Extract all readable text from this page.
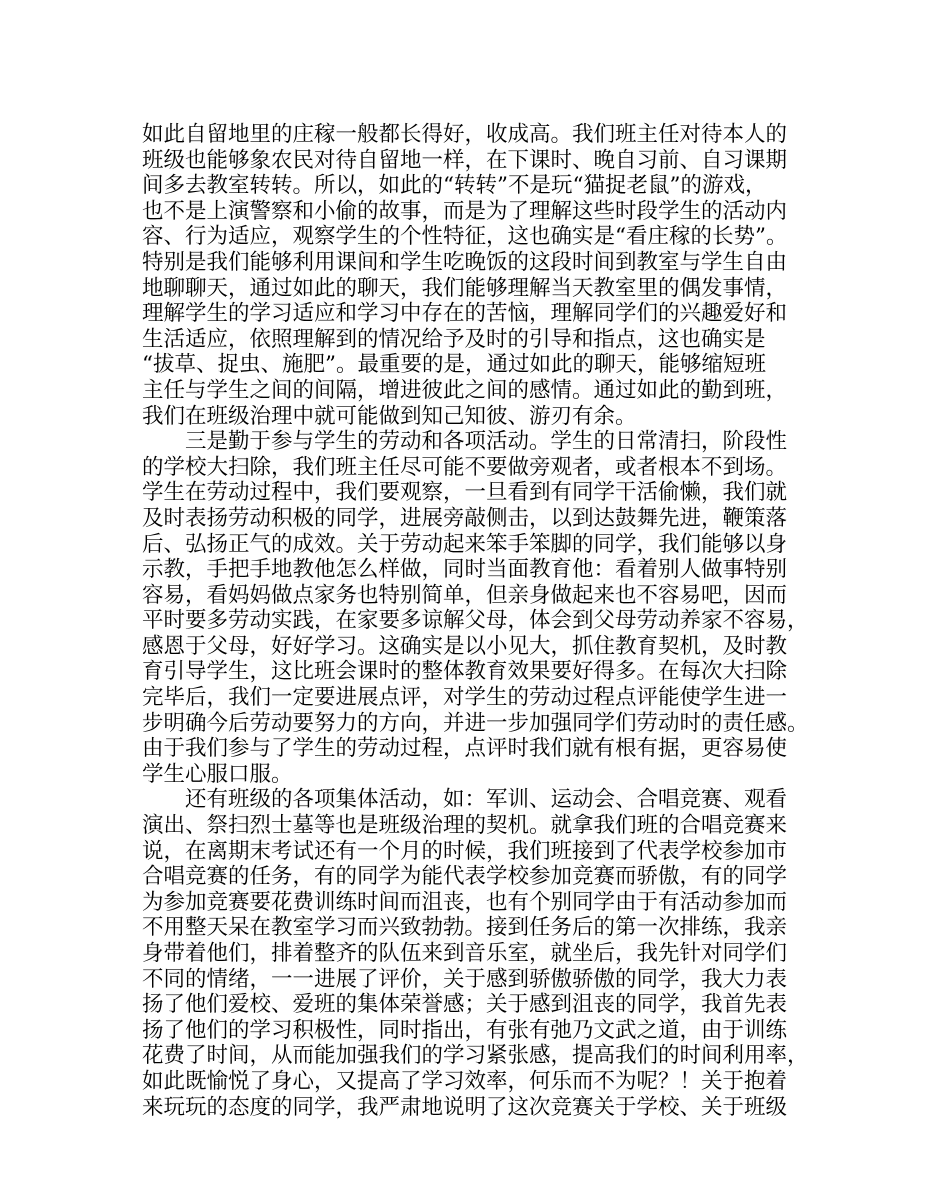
如此自留地里的庄稼一般都长得好，收成高。我们班主任对待本人的
班级也能够象农民对待自留地一样，在下课时、晚自习前、自习课期
间多去教室转转。所以，如此的“转转”不是玩“猫捉老鼠”的游戏，
也不是上演警察和小偷的故事，而是为了理解这些时段学生的活动内
容、行为适应，观察学生的个性特征，这也确实是“看庄稼的长势”。
特别是我们能够利用课间和学生吃晚饭的这段时间到教室与学生自由
地聊聊天，通过如此的聊天，我们能够理解当天教室里的偶发事情，
理解学生的学习适应和学习中存在的苦恼，理解同学们的兴趣爱好和
生活适应，依照理解到的情况给予及时的引导和指点，这也确实是
“拔草、捉虫、施肥”。最重要的是，通过如此的聊天，能够缩短班
主任与学生之间的间隔，增进彼此之间的感情。通过如此的勤到班，
我们在班级治理中就可能做到知己知彼、游刃有余。
三是勤于参与学生的劳动和各项活动。学生的日常清扫，阶段性
的学校大扫除，我们班主任尽可能不要做旁观者，或者根本不到场。
学生在劳动过程中，我们要观察，一旦看到有同学干活偷懒，我们就
及时表扬劳动积极的同学，进展旁敲侧击，以到达鼓舞先进，鞭策落
后、弘扬正气的成效。关于劳动起来笨手笨脚的同学，我们能够以身
示教，手把手地教他怎么样做，同时当面教育他：看着别人做事特别
容易，看妈妈做点家务也特别简单，但亲身做起来也不容易吧，因而
平时要多劳动实践，在家要多谅解父母，体会到父母劳动养家不容易，
感恩于父母，好好学习。这确实是以小见大，抓住教育契机，及时教
育引导学生，这比班会课时的整体教育效果要好得多。在每次大扫除
完毕后，我们一定要进展点评，对学生的劳动过程点评能使学生进一
步明确今后劳动要努力的方向，并进一步加强同学们劳动时的责任感。
由于我们参与了学生的劳动过程，点评时我们就有根有据，更容易使
学生心服口服。
还有班级的各项集体活动，如：军训、运动会、合唱竞赛、观看
演出、祭扫烈士墓等也是班级治理的契机。就拿我们班的合唱竞赛来
说，在离期末考试还有一个月的时候，我们班接到了代表学校参加市
合唱竞赛的任务，有的同学为能代表学校参加竞赛而骄傲，有的同学
为参加竞赛要花费训练时间而沮丧，也有个别同学由于有活动参加而
不用整天呆在教室学习而兴致勃勃。接到任务后的第一次排练，我亲
身带着他们，排着整齐的队伍来到音乐室，就坐后，我先针对同学们
不同的情绪，一一进展了评价，关于感到骄傲骄傲的同学，我大力表
扬了他们爱校、爱班的集体荣誉感；关于感到沮丧的同学，我首先表
扬了他们的学习积极性，同时指出，有张有弛乃文武之道，由于训练
花费了时间，从而能加强我们的学习紧张感，提高我们的时间利用率，
如此既愉悦了身心，又提高了学习效率，何乐而不为呢？！关于抱着
来玩玩的态度的同学，我严肃地说明了这次竞赛关于学校、关于班级
